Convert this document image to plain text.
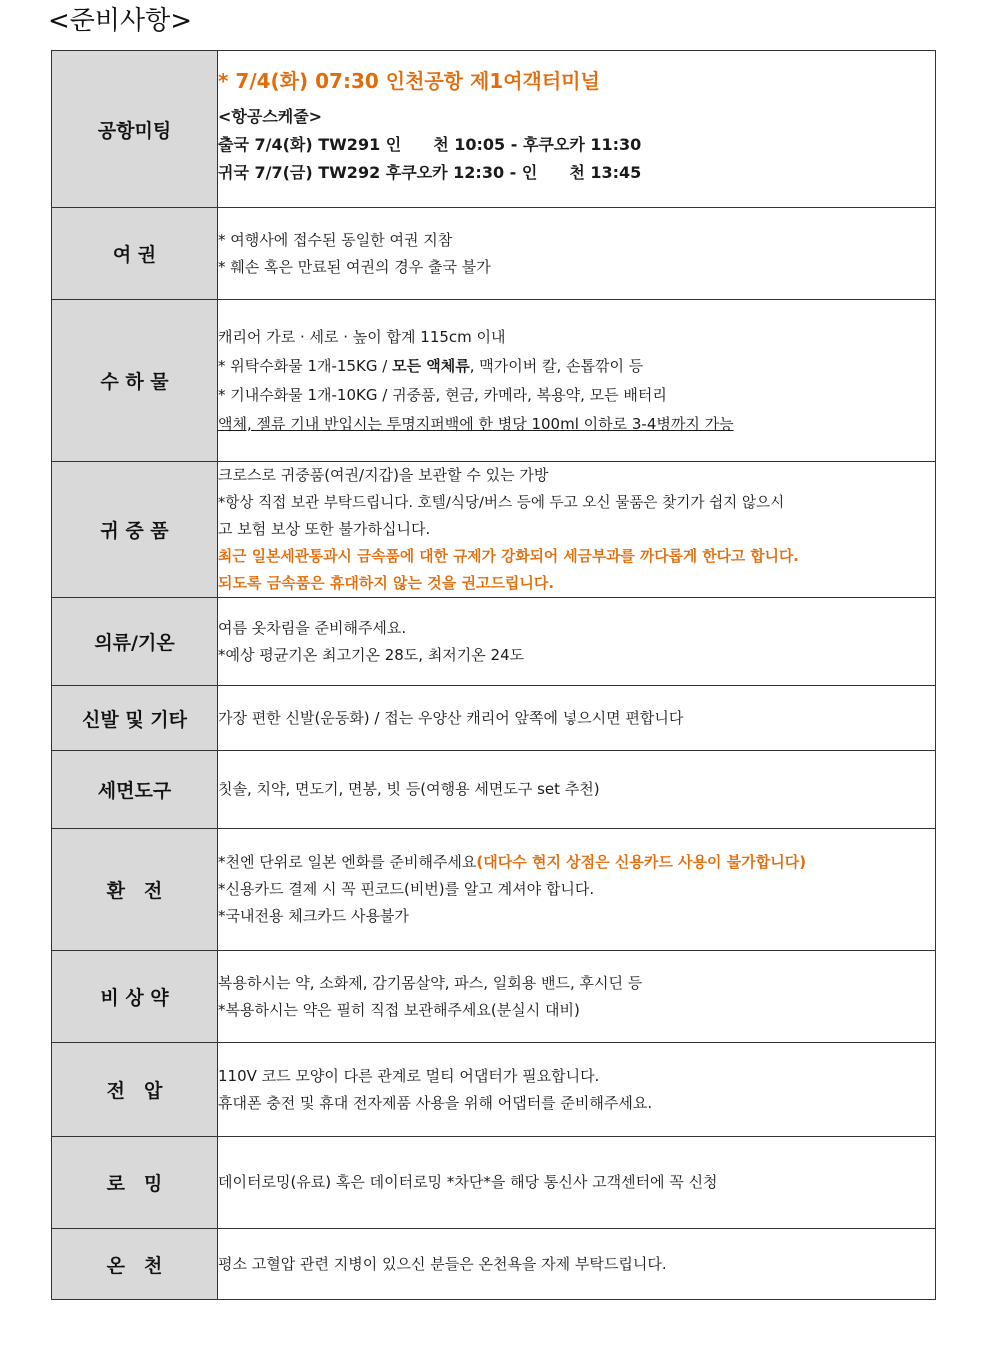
<준비사항>
공항미팅	* 7/4(화) 07:30 인천공항 제1여객터미널
<항공스케줄>
출국 7/4(화) TW291 인　　천 10:05 - 후쿠오카 11:30
귀국 7/7(금) TW292 후쿠오카 12:30 - 인　　천 13:45

여 권	* 여행사에 접수된 동일한 여권 지참
* 훼손 혹은 만료된 여권의 경우 출국 불가

수 하 물	캐리어 가로 · 세로 · 높이 합계 115cm 이내
* 위탁수화물 1개-15KG / 모든 액체류, 맥가이버 칼, 손톱깎이 등
* 기내수화물 1개-10KG / 귀중품, 현금, 카메라, 복용약, 모든 배터리
액체, 젤류 기내 반입시는 투명지퍼백에 한 병당 100ml 이하로 3-4병까지 가능

귀 중 품	크로스로 귀중품(여권/지갑)을 보관할 수 있는 가방
*항상 직접 보관 부탁드립니다. 호텔/식당/버스 등에 두고 오신 물품은 찾기가 쉽지 않으시
고 보험 보상 또한 불가하십니다.
최근 일본세관통과시 금속품에 대한 규제가 강화되어 세금부과를 까다롭게 한다고 합니다.
되도록 금속품은 휴대하지 않는 것을 권고드립니다.

의류/기온	여름 옷차림을 준비해주세요.
*예상 평균기온 최고기온 28도, 최저기온 24도

신발 및 기타	가장 편한 신발(운동화) / 접는 우양산 캐리어 앞쪽에 넣으시면 편합니다

세면도구	칫솔, 치약, 면도기, 면봉, 빗 등(여행용 세면도구 set 추천)

환　전	*천엔 단위로 일본 엔화를 준비해주세요(대다수 현지 상점은 신용카드 사용이 불가합니다)
*신용카드 결제 시 꼭 핀코드(비번)를 알고 계셔야 합니다.
*국내전용 체크카드 사용불가

비 상 약	복용하시는 약, 소화제, 감기몸살약, 파스, 일회용 밴드, 후시딘 등
*복용하시는 약은 필히 직접 보관해주세요(분실시 대비)

전　압	110V 코드 모양이 다른 관계로 멀티 어댑터가 필요합니다.
휴대폰 충전 및 휴대 전자제품 사용을 위해 어댑터를 준비해주세요.

로　밍	데이터로밍(유료) 혹은 데이터로밍 *차단*을 해당 통신사 고객센터에 꼭 신청

온　천	평소 고혈압 관련 지병이 있으신 분들은 온천욕을 자제 부탁드립니다.
